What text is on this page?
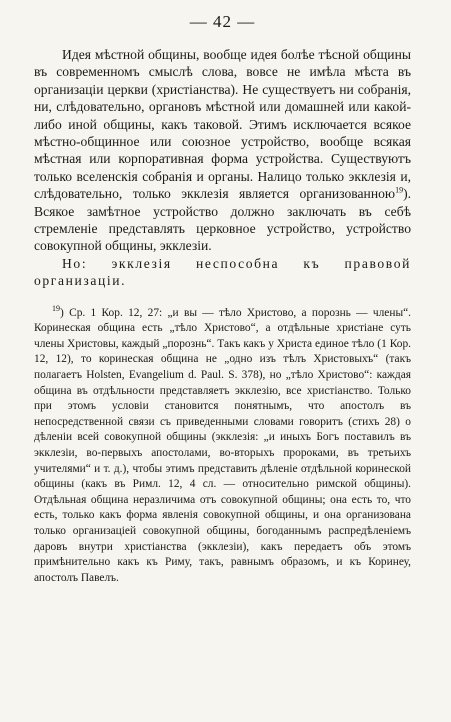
— 42 —

Идея мѣстной общины, вообще идея болѣе тѣсной общины въ современномъ смыслѣ слова, вовсе не имѣла мѣста въ организаціи церкви (христіанства). Не существуетъ ни собранія, ни, слѣдовательно, органовъ мѣстной или домашней или какой-либо иной общины, какъ таковой. Этимъ исключается всякое мѣстно-общинное или союзное устройство, вообще всякая мѣстная или корпоративная форма устройства. Существуютъ только вселенскія собранія и органы. Налицо только экклезія и, слѣдовательно, только экклезія является организованною$^{19}$). Всякое замѣтное устройство должно заключать въ себѣ стремленіе представлять церковное устройство, устройство совокупной общины, экклезіи.

Но: экклезія неспособна къ правовой организаціи.

$^{19}$) Ср. 1 Кор. 12, 27: „и вы — тѣло Христово, а порознь — члены“. Коринеская община есть „тѣло Христово“, а отдѣльные христіане суть члены Христовы, каждый „порознь“. Такъ какъ у Христа единое тѣло (1 Кор. 12, 12), то коринеская община не „одно изъ тѣлъ Христовыхъ“ (такъ полагаетъ Holsten, Evangelium d. Paul. S. 378), но „тѣло Христово“: каждая община въ отдѣльности представляетъ экклезію, все христіанство. Только при этомъ условіи становится понятнымъ, что апостолъ въ непосредственной связи съ приведенными словами говоритъ (стихъ 28) о дѣленіи всей совокупной общины (экклезія: „и иныхъ Богъ поставилъ въ экклезіи, во-первыхъ апостолами, во-вторыхъ пророками, въ третьихъ учителями“ и т. д.), чтобы этимъ представить дѣленіе отдѣльной коринеской общины (какъ въ Римл. 12, 4 сл. — относительно римской общины). Отдѣльная община неразличима отъ совокупной общины; она есть то, что есть, только какъ форма явленія совокупной общины, и она организована только организаціей совокупной общины, богоданнымъ распредѣленіемъ даровъ внутри христіанства (экклезіи), какъ передаетъ объ этомъ примѣнительно какъ къ Риму, такъ, равнымъ образомъ, и къ Коринеу, апостолъ Павелъ.
